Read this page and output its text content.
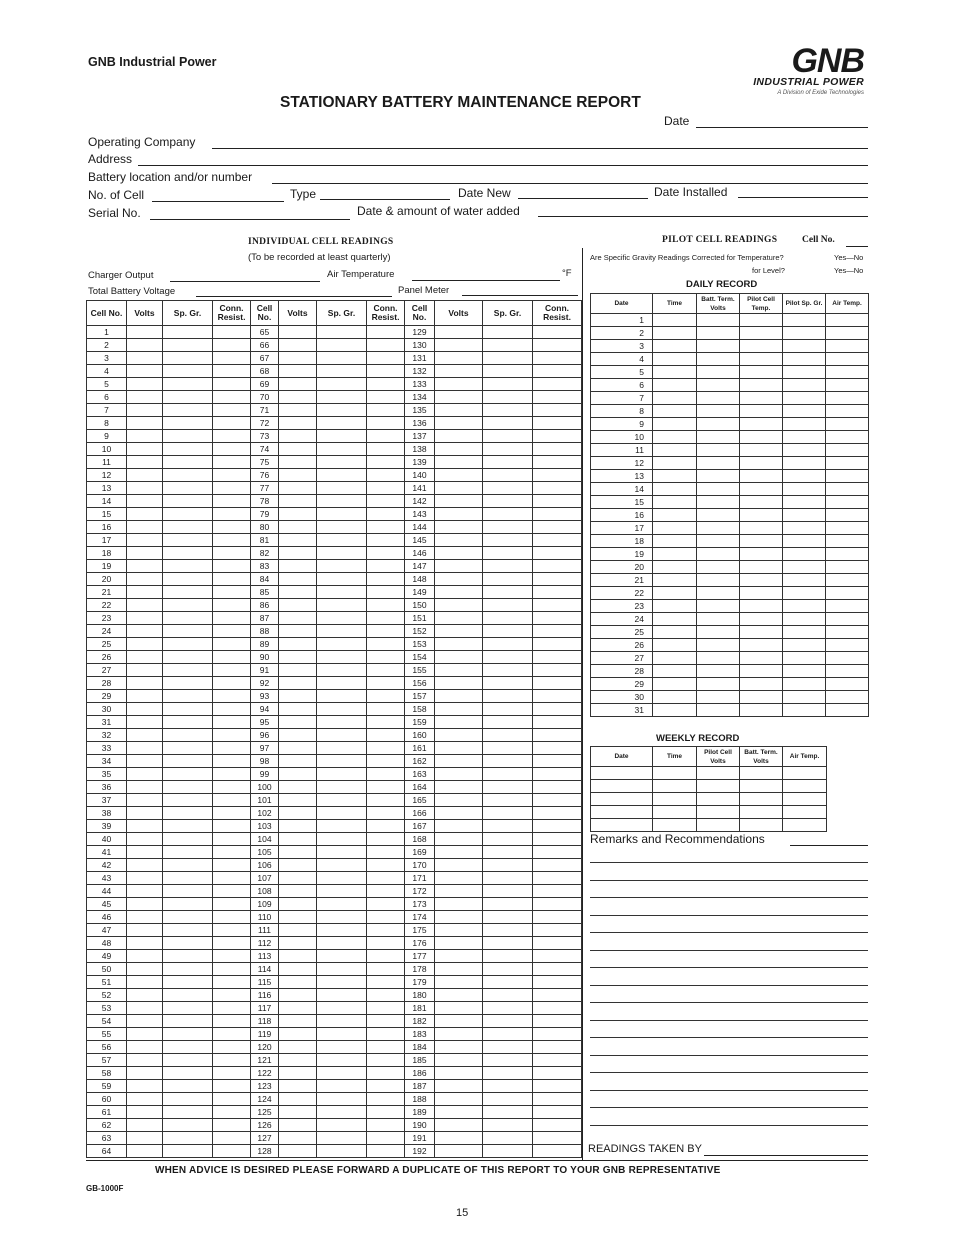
GNB Industrial Power	GNB
INDUSTRIAL POWER
A Division of Exide Technologies
STATIONARY BATTERY MAINTENANCE REPORT
Date
Operating Company
Address
Battery location and/or number
No. of Cell	Type	Date New	Date Installed
Serial No.	Date & amount of water added
INDIVIDUAL CELL READINGS
(To be recorded at least quarterly)
Charger Output	Air Temperature	°F
Total Battery Voltage	Panel Meter
Cell No.	Volts	Sp. Gr.	Conn. Resist.	Cell No.	Volts	Sp. Gr.	Conn. Resist.	Cell No.	Volts	Sp. Gr.	Conn. Resist.
1				65				129			
2				66				130			
3				67				131			
4				68				132			
5				69				133			
6				70				134			
7				71				135			
8				72				136			
9				73				137			
10				74				138			
11				75				139			
12				76				140			
13				77				141			
14				78				142			
15				79				143			
16				80				144			
17				81				145			
18				82				146			
19				83				147			
20				84				148			
21				85				149			
22				86				150			
23				87				151			
24				88				152			
25				89				153			
26				90				154			
27				91				155			
28				92				156			
29				93				157			
30				94				158			
31				95				159			
32				96				160			
33				97				161			
34				98				162			
35				99				163			
36				100				164			
37				101				165			
38				102				166			
39				103				167			
40				104				168			
41				105				169			
42				106				170			
43				107				171			
44				108				172			
45				109				173			
46				110				174			
47				111				175			
48				112				176			
49				113				177			
50				114				178			
51				115				179			
52				116				180			
53				117				181			
54				118				182			
55				119				183			
56				120				184			
57				121				185			
58				122				186			
59				123				187			
60				124				188			
61				125				189			
62				126				190			
63				127				191			
64				128				192			
PILOT CELL READINGS	Cell No.
Are Specific Gravity Readings Corrected for Temperature?	Yes—No
for Level?	Yes—No
DAILY RECORD
Date	Time	Batt. Term. Volts	Pilot Cell Temp.	Pilot Sp. Gr.	Air Temp.
1					
2					
3					
4					
5					
6					
7					
8					
9					
10					
11					
12					
13					
14					
15					
16					
17					
18					
19					
20					
21					
22					
23					
24					
25					
26					
27					
28					
29					
30					
31					
WEEKLY RECORD
Date	Time	Pilot Cell Volts	Batt. Term. Volts	Air Temp.

Remarks and Recommendations
READINGS TAKEN BY
WHEN ADVICE IS DESIRED PLEASE FORWARD A DUPLICATE OF THIS REPORT TO YOUR GNB REPRESENTATIVE
GB-1000F
15
